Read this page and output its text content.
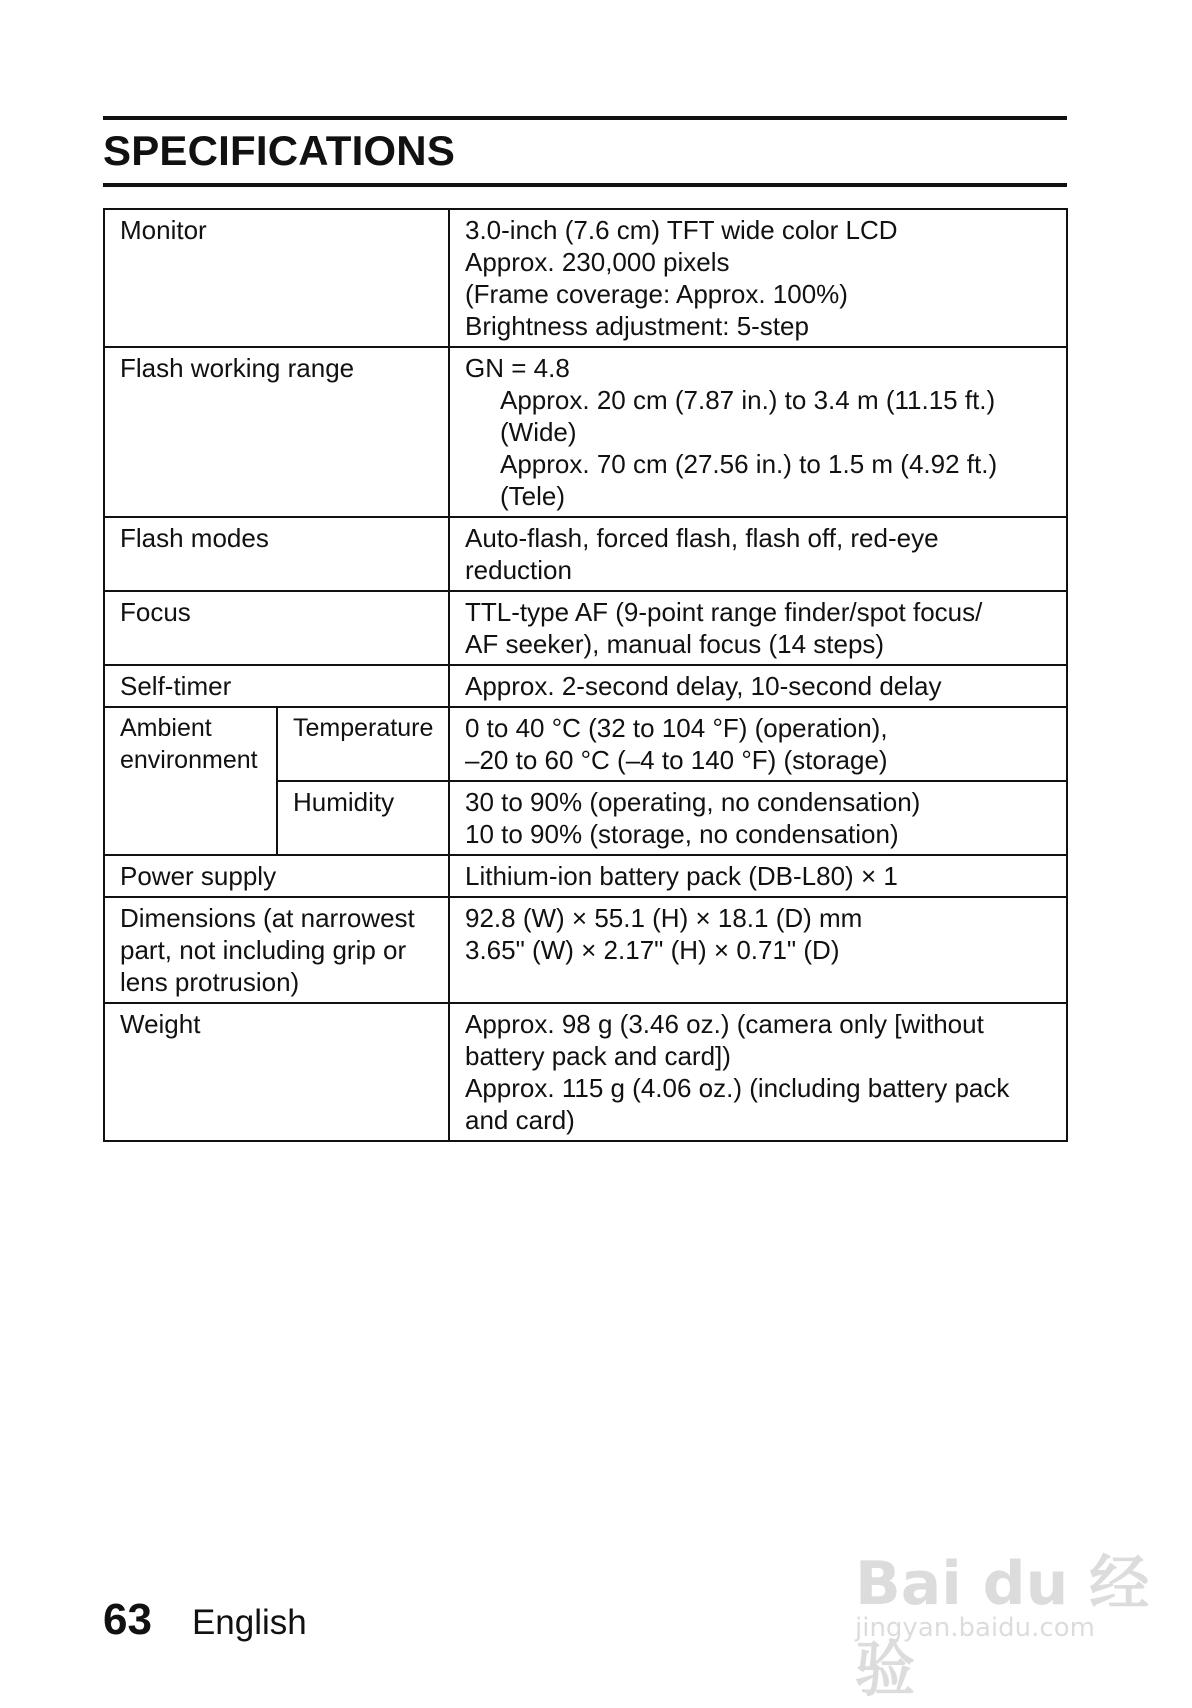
SPECIFICATIONS
Monitor		3.0-inch (7.6 cm) TFT wide color LCD
Approx. 230,000 pixels
(Frame coverage: Approx. 100%)
Brightness adjustment: 5-step

Flash working range		GN = 4.8
Approx. 20 cm (7.87 in.) to 3.4 m (11.15 ft.)
(Wide)
Approx. 70 cm (27.56 in.) to 1.5 m (4.92 ft.)
(Tele)

Flash modes		Auto-flash, forced flash, flash off, red-eye
reduction

Focus		TTL-type AF (9-point range finder/spot focus/
AF seeker), manual focus (14 steps)

Self-timer		Approx. 2-second delay, 10-second delay

Ambient
environment	Temperature	0 to 40 °C (32 to 104 °F) (operation),
–20 to 60 °C (–4 to 140 °F) (storage)

	Humidity	30 to 90% (operating, no condensation)
10 to 90% (storage, no condensation)

Power supply		Lithium-ion battery pack (DB-L80) × 1

Dimensions (at narrowest
part, not including grip or
lens protrusion)		92.8 (W) × 55.1 (H) × 18.1 (D) mm
3.65" (W) × 2.17" (H) × 0.71" (D)

Weight		Approx. 98 g (3.46 oz.) (camera only [without
battery pack and card])
Approx. 115 g (4.06 oz.) (including battery pack
and card)
63 English
Bai du 经验
jingyan.baidu.com
